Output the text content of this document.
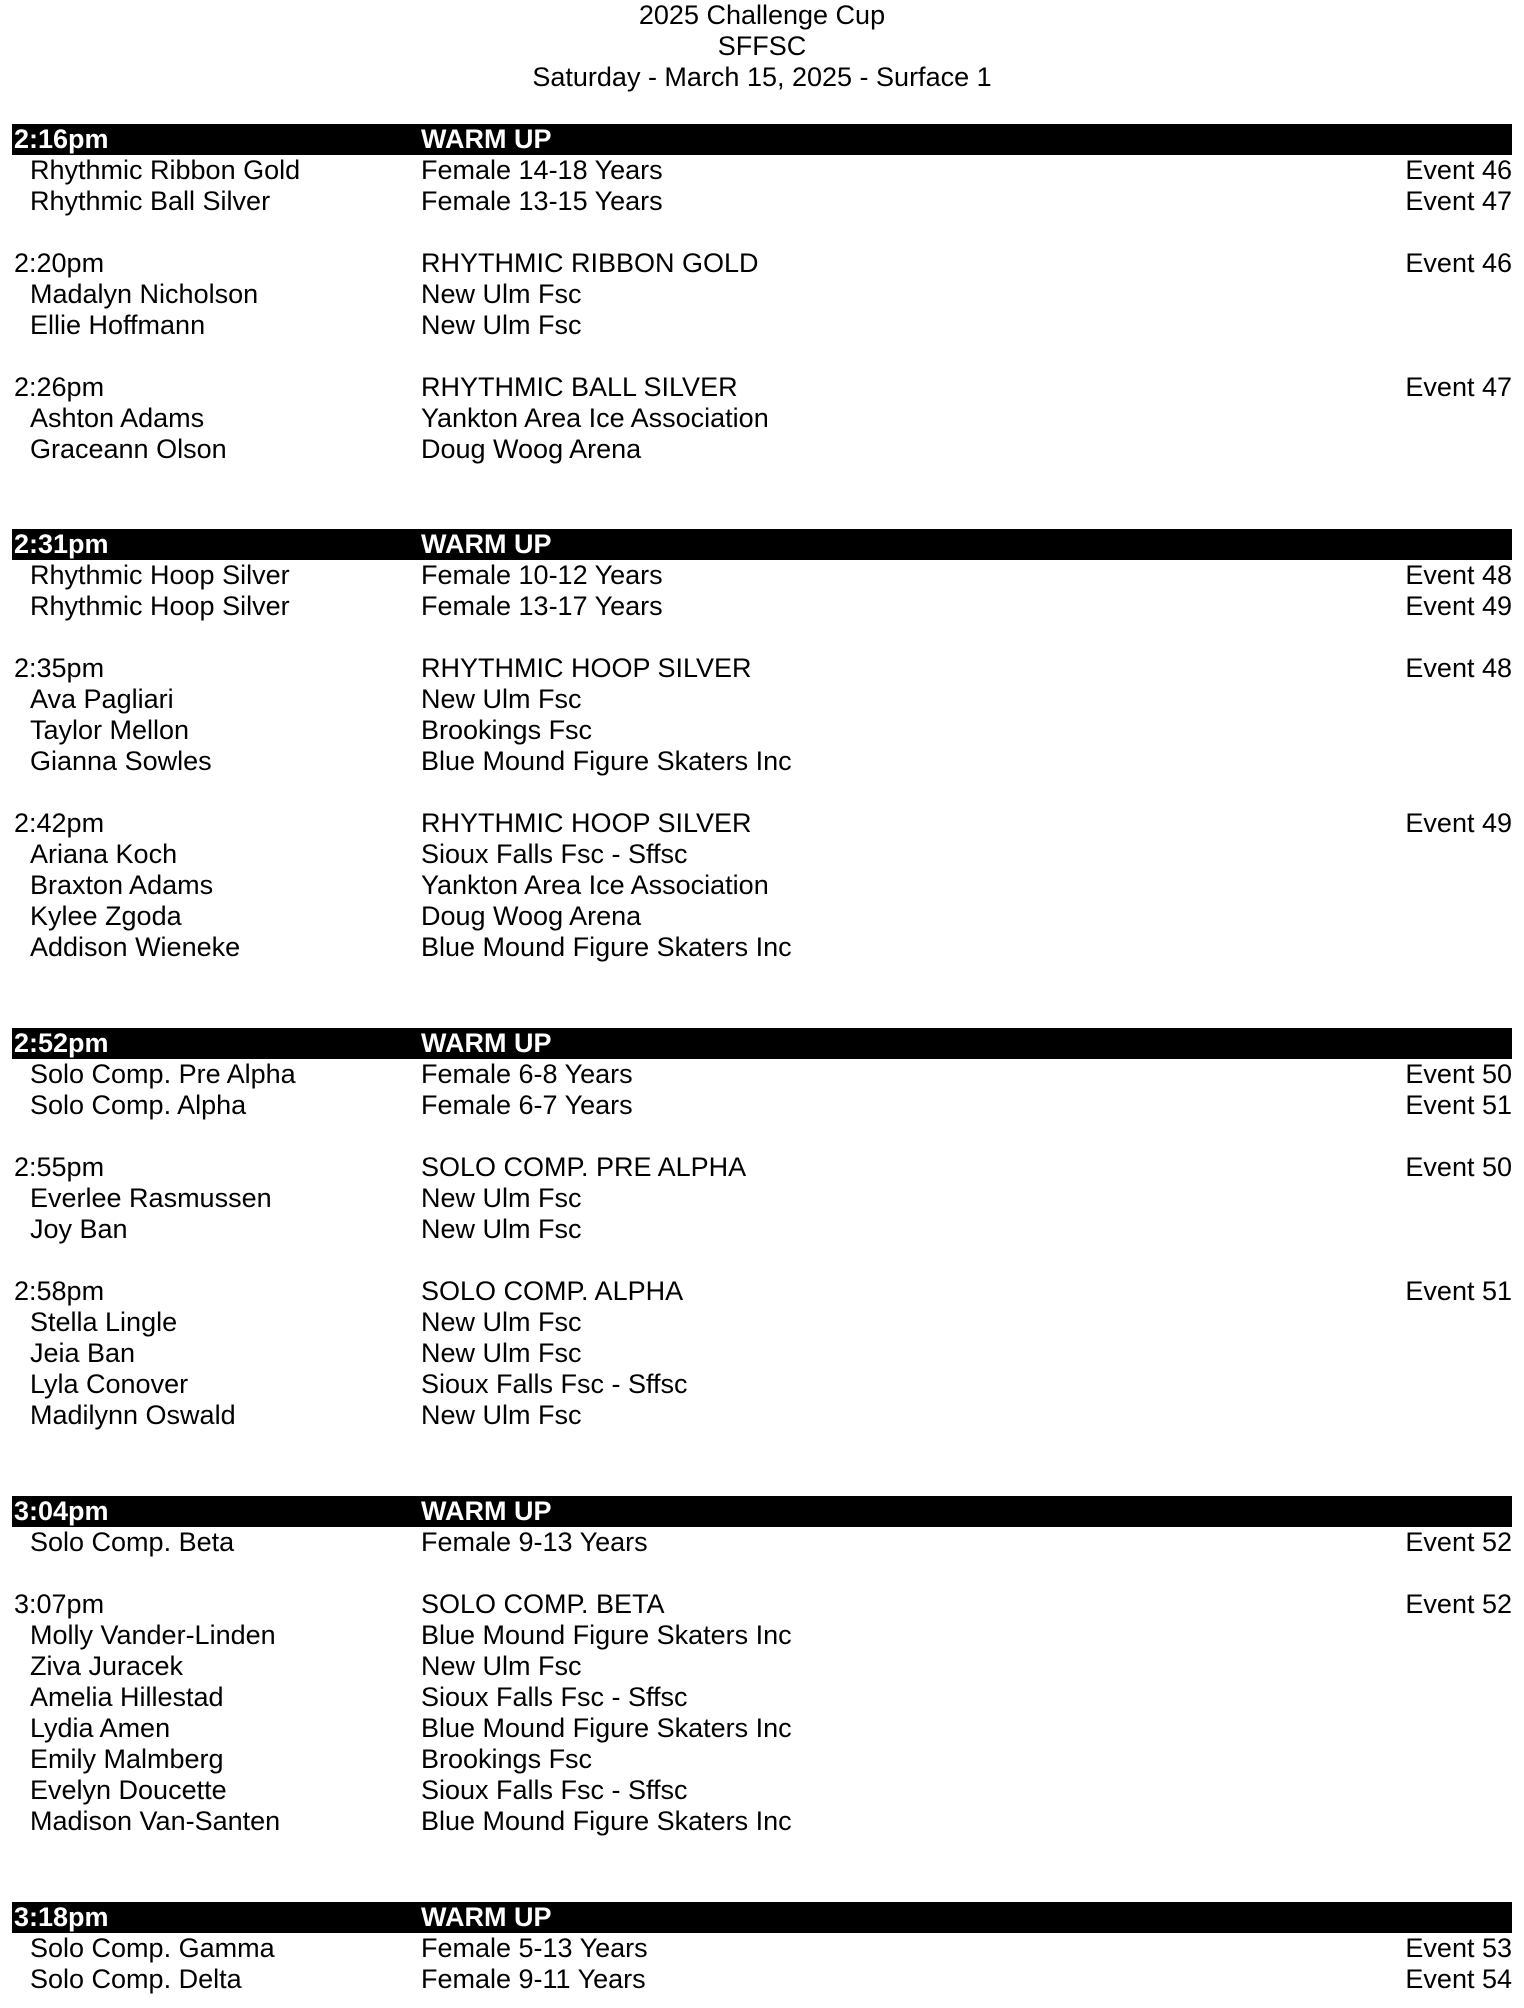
2025 Challenge Cup
SFFSC
Saturday - March 15, 2025 - Surface 1
2:16pm	WARM UP
Rhythmic Ribbon Gold	Female 14-18 Years	Event 46
Rhythmic Ball Silver	Female 13-15 Years	Event 47
2:20pm	RHYTHMIC RIBBON GOLD	Event 46
Madalyn Nicholson	New Ulm Fsc
Ellie Hoffmann	New Ulm Fsc
2:26pm	RHYTHMIC BALL SILVER	Event 47
Ashton Adams	Yankton Area Ice Association
Graceann Olson	Doug Woog Arena
2:31pm	WARM UP
Rhythmic Hoop Silver	Female 10-12 Years	Event 48
Rhythmic Hoop Silver	Female 13-17 Years	Event 49
2:35pm	RHYTHMIC HOOP SILVER	Event 48
Ava Pagliari	New Ulm Fsc
Taylor Mellon	Brookings Fsc
Gianna Sowles	Blue Mound Figure Skaters Inc
2:42pm	RHYTHMIC HOOP SILVER	Event 49
Ariana Koch	Sioux Falls Fsc - Sffsc
Braxton Adams	Yankton Area Ice Association
Kylee Zgoda	Doug Woog Arena
Addison Wieneke	Blue Mound Figure Skaters Inc
2:52pm	WARM UP
Solo Comp. Pre Alpha	Female 6-8 Years	Event 50
Solo Comp. Alpha	Female 6-7 Years	Event 51
2:55pm	SOLO COMP. PRE ALPHA	Event 50
Everlee Rasmussen	New Ulm Fsc
Joy Ban	New Ulm Fsc
2:58pm	SOLO COMP. ALPHA	Event 51
Stella Lingle	New Ulm Fsc
Jeia Ban	New Ulm Fsc
Lyla Conover	Sioux Falls Fsc - Sffsc
Madilynn Oswald	New Ulm Fsc
3:04pm	WARM UP
Solo Comp. Beta	Female 9-13 Years	Event 52
3:07pm	SOLO COMP. BETA	Event 52
Molly Vander-Linden	Blue Mound Figure Skaters Inc
Ziva Juracek	New Ulm Fsc
Amelia Hillestad	Sioux Falls Fsc - Sffsc
Lydia Amen	Blue Mound Figure Skaters Inc
Emily Malmberg	Brookings Fsc
Evelyn Doucette	Sioux Falls Fsc - Sffsc
Madison Van-Santen	Blue Mound Figure Skaters Inc
3:18pm	WARM UP
Solo Comp. Gamma	Female 5-13 Years	Event 53
Solo Comp. Delta	Female 9-11 Years	Event 54
